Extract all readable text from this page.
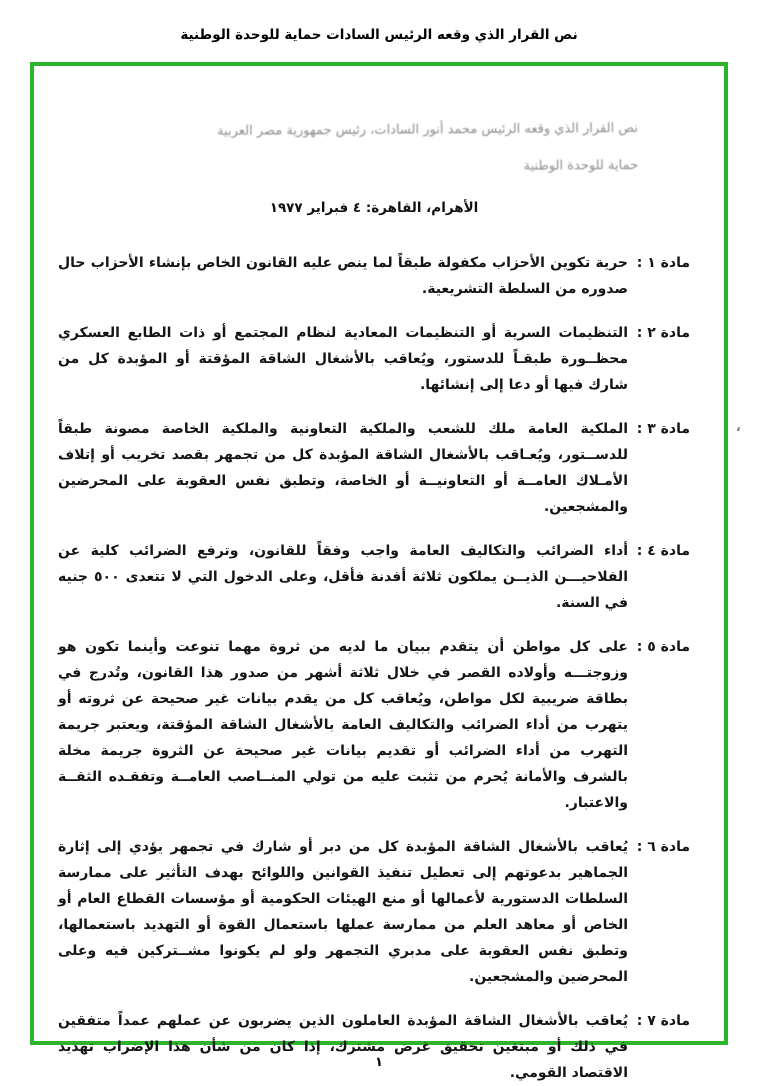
نص القرار الذي وقعه الرئيس السادات حماية للوحدة الوطنية
نص القرار الذي وقعه الرئيس محمد أنور السادات، رئيس جمهورية مصر العربية
حماية للوحدة الوطنية
الأهرام، القاهرة: ٤ فبراير ١٩٧٧
مادة ١ :
حرية تكوين الأحزاب مكفولة طبقاً لما ينص عليه القانون الخاص بإنشاء الأحزاب حال صدوره من السلطة التشريعية.
مادة ٢ :
التنظيمات السرية أو التنظيمات المعادية لنظام المجتمع أو ذات الطابع العسكري محظــورة طبقـاً للدستور، ويُعاقب بالأشغال الشاقة المؤقتة أو المؤبدة كل من شارك فيها أو دعا إلى إنشائها.
مادة ٣ :
الملكية العامة ملك للشعب والملكية التعاونية والملكية الخاصة مصونة طبقاً للدســتور، ويُعـاقب بالأشغال الشاقة المؤبدة كل من تجمهر بقصد تخريب أو إتلاف الأمـلاك العامــة أو التعاونيــة أو الخاصة، وتطبق نفس العقوبة على المحرضين والمشجعين.
مادة ٤ :
أداء الضرائب والتكاليف العامة واجب وفقاً للقانون، وترفع الضرائب كلية عن الفلاحيـــن الذيــن يملكون ثلاثة أفدنة فأقل، وعلى الدخول التي لا تتعدى ٥٠٠ جنيه في السنة.
مادة ٥ :
على كل مواطن أن يتقدم ببيان ما لديه من ثروة مهما تنوعت وأينما تكون هو وزوجتـــه وأولاده القصر في خلال ثلاثة أشهر من صدور هذا القانون، وتُدرج في بطاقة ضريبية لكل مواطن، ويُعاقب كل من يقدم بيانات غير صحيحة عن ثروته أو يتهرب من أداء الضرائب والتكاليف العامة بالأشغال الشاقة المؤقتة، ويعتبر جريمة التهرب من أداء الضرائب أو تقديم بيانات غير صحيحة عن الثروة جريمة مخلة بالشرف والأمانة يُحرم من تثبت عليه من تولي المنــاصب العامــة وتفقـده الثقــة والاعتبار.
مادة ٦ :
يُعاقب بالأشغال الشاقة المؤبدة كل من دبر أو شارك في تجمهر يؤدي إلى إثارة الجماهير بدعوتهم إلى تعطيل تنفيذ القوانين واللوائح بهدف التأثير على ممارسة السلطات الدستورية لأعمالها أو منع الهيئات الحكومية أو مؤسسات القطاع العام أو الخاص أو معاهد العلم من ممارسة عملها باستعمال القوة أو التهديد باستعمالها، وتطبق نفس العقوبة على مدبري التجمهر ولو لم يكونوا مشــتركين فيه وعلى المحرضين والمشجعين.
مادة ٧ :
يُعاقب بالأشغال الشاقة المؤبدة العاملون الذين يضربون عن عملهم عمداً متفقين في ذلك أو مبتغين تحقيق غرض مشترك، إذا كان من شأن هذا الإضراب تهديد الاقتصاد القومي.
،
١
